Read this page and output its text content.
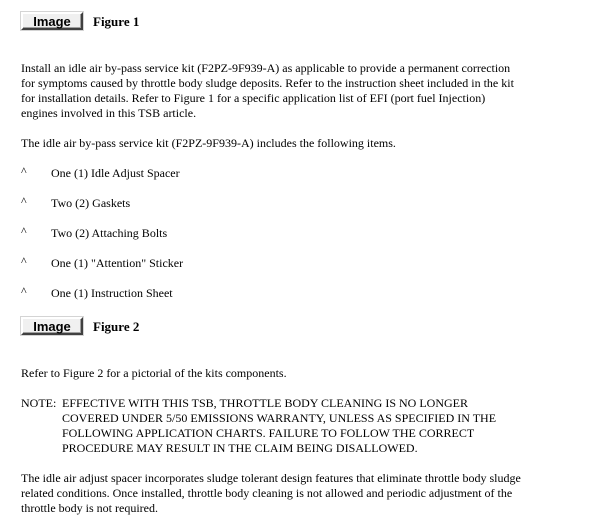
Image	Figure 1

Install an idle air by-pass service kit (F2PZ-9F939-A) as applicable to provide a permanent correction for symptoms caused by throttle body sludge deposits. Refer to the instruction sheet included in the kit for installation details. Refer to Figure 1 for a specific application list of EFI (port fuel Injection) engines involved in this TSB article.

The idle air by-pass service kit (F2PZ-9F939-A) includes the following items.

^ One (1) Idle Adjust Spacer
^ Two (2) Gaskets
^ Two (2) Attaching Bolts
^ One (1) "Attention" Sticker
^ One (1) Instruction Sheet
Image	Figure 2

Refer to Figure 2 for a pictorial of the kits components.

NOTE: EFFECTIVE WITH THIS TSB, THROTTLE BODY CLEANING IS NO LONGER COVERED UNDER 5/50 EMISSIONS WARRANTY, UNLESS AS SPECIFIED IN THE FOLLOWING APPLICATION CHARTS. FAILURE TO FOLLOW THE CORRECT PROCEDURE MAY RESULT IN THE CLAIM BEING DISALLOWED.

The idle air adjust spacer incorporates sludge tolerant design features that eliminate throttle body sludge related conditions. Once installed, throttle body cleaning is not allowed and periodic adjustment of the throttle body is not required.
